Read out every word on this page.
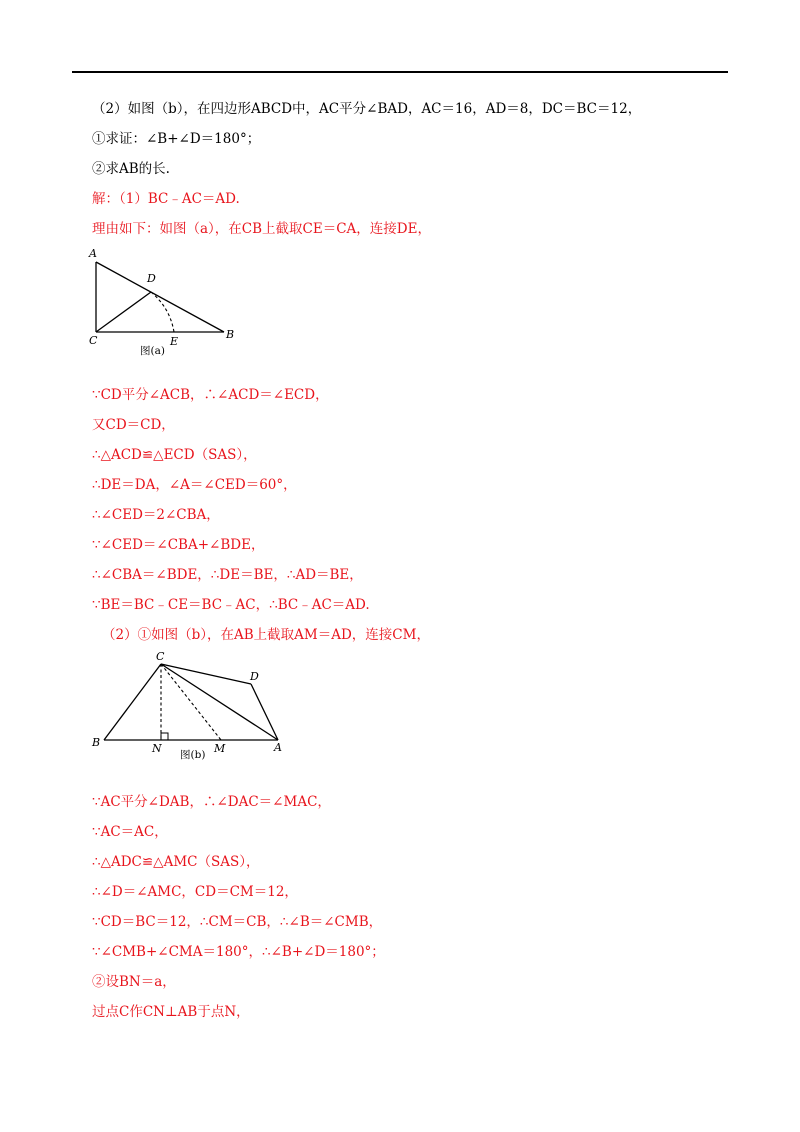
（2）如图（b），在四边形ABCD中，AC平分∠BAD，AC＝16，AD＝8，DC＝BC＝12，
①求证：∠B+∠D＝180°；
②求AB的长.
解：（1）BC﹣AC＝AD.
理由如下：如图（a），在CB上截取CE＝CA，连接DE，
A
D
C	E
B
图(a)
∵CD平分∠ACB，∴∠ACD＝∠ECD，
又CD＝CD，
∴△ACD≌△ECD（SAS），
∴DE＝DA，∠A＝∠CED＝60°，
∴∠CED＝2∠CBA，
∵∠CED＝∠CBA+∠BDE，
∴∠CBA＝∠BDE，∴DE＝BE，∴AD＝BE，
∵BE＝BC﹣CE＝BC﹣AC，∴BC﹣AC＝AD.
（2）①如图（b），在AB上截取AM＝AD，连接CM，
C
D
B	N	M	A
图(b)
∵AC平分∠DAB，∴∠DAC＝∠MAC，
∵AC＝AC，
∴△ADC≌△AMC（SAS），
∴∠D＝∠AMC，CD＝CM＝12，
∵CD＝BC＝12，∴CM＝CB，∴∠B＝∠CMB，
∵∠CMB+∠CMA＝180°，∴∠B+∠D＝180°；
②设BN＝a，
过点C作CN⊥AB于点N，
